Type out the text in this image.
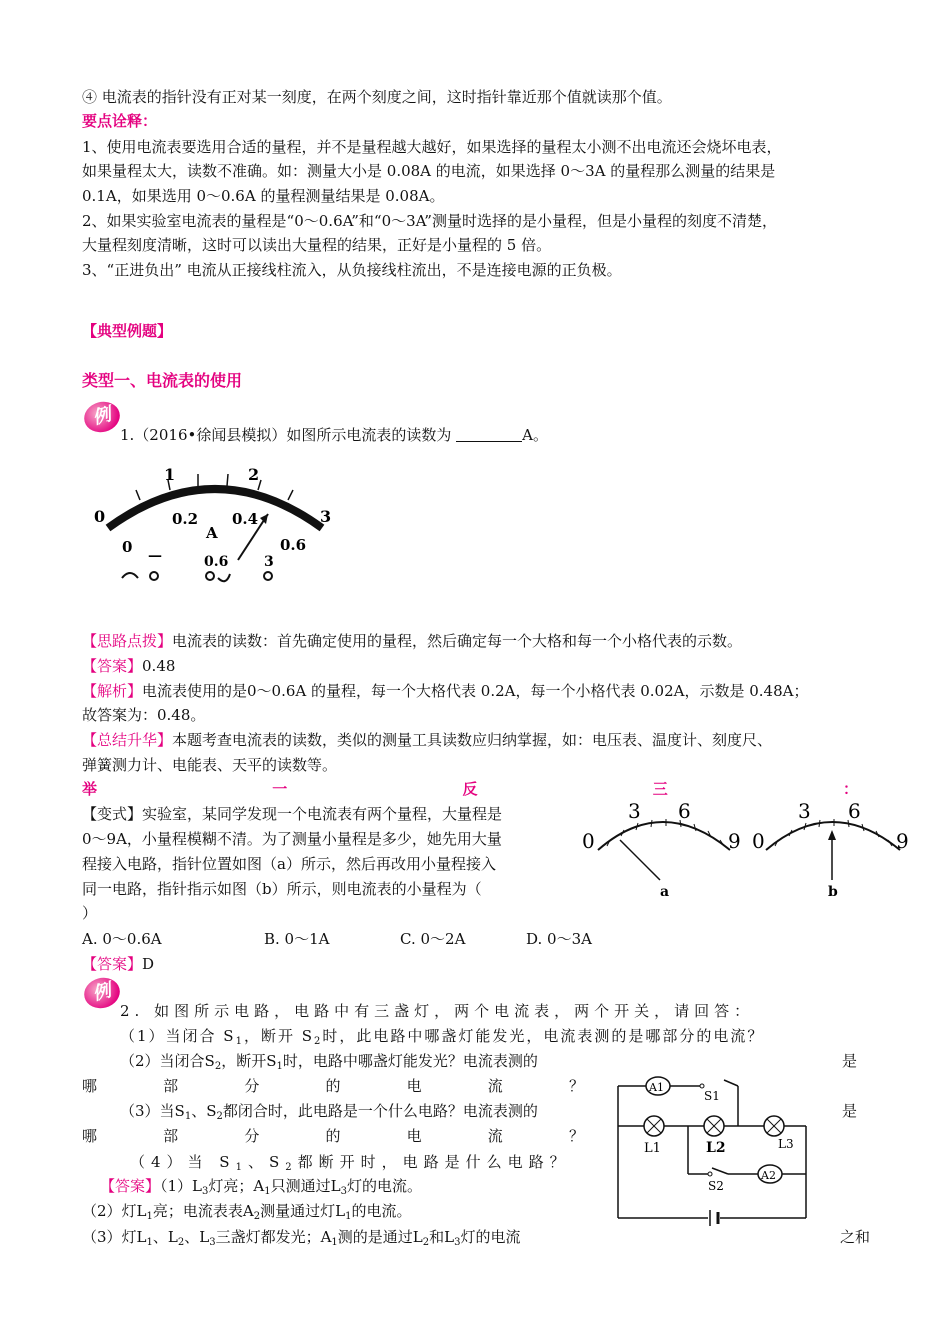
④ 电流表的指针没有正对某一刻度，在两个刻度之间，这时指针靠近那个值就读那个值。
要点诠释：
1、使用电流表要选用合适的量程，并不是量程越大越好，如果选择的量程太小测不出电流还会烧坏电表，
如果量程太大，读数不准确。如：测量大小是 0.08A 的电流，如果选择 0～3A 的量程那么测量的结果是
0.1A，如果选用 0～0.6A 的量程测量结果是 0.08A。
2、如果实验室电流表的量程是“0～0.6A”和“0～3A”测量时选择的是小量程，但是小量程的刻度不清楚，
大量程刻度清晰，这时可以读出大量程的结果，正好是小量程的 5 倍。
3、“正进负出” 电流从正接线柱流入，从负接线柱流出，不是连接电源的正负极。
【典型例题】
类型一、电流表的使用
例
1.（2016•徐闻县模拟）如图所示电流表的读数为	A。
0
1	2
3
0
0.2 0.4
0.6
A
—	0.6	3
【思路点拨】电流表的读数：首先确定使用的量程，然后确定每一个大格和每一个小格代表的示数。
【答案】0.48
【解析】电流表使用的是0～0.6A 的量程，每一个大格代表 0.2A，每一个小格代表 0.02A，示数是 0.48A；
故答案为：0.48。
【总结升华】本题考查电流表的读数，类似的测量工具读数应归纳掌握，如：电压表、温度计、刻度尺、
弹簧测力计、电能表、天平的读数等。
举	一	反	三	：
【变式】实验室，某同学发现一个电流表有两个量程，大量程是
0～9A，小量程模糊不清。为了测量小量程是多少，她先用大量
程接入电路，指针位置如图（a）所示，然后再改用小量程接入
同一电路，指针指示如图（b）所示，则电流表的小量程为（
）
A. 0～0.6A	B. 0～1A	C. 0～2A	D. 0～3A
【答案】D
0
3 6
9
a
0
3 6
9
b
例
2. 如图所示电路，电路中有三盏灯，两个电流表，两个开关，请回答：
（1）当闭合 $S_1$，断开 $S_2$时，此电路中哪盏灯能发光，电流表测的是哪部分的电流？
（2）当闭合$S_2$，断开$S_1$时，电路中哪盏灯能发光？电流表测的	是
哪	部	分	的	电	流	？
（3）当$S_1$、$S_2$都闭合时，此电路是一个什么电路？电流表测的	是
哪	部	分	的	电	流	？
（4）当 $S_1$、$S_2$都断开时，电路是什么电路？
【答案】$(1)L_3$灯亮；$A_1$只测通过$L_3$灯的电流。
（2）灯$L_1$亮；电流表表$A_2$测量通过灯$L_1$的电流。
（3）灯$L_1$、$L_2$、$L_3$三盏灯都发光；$A_1$测的是通过$L_2$和$L_3$灯的电流	之和
A1
S1
L1	L2	L3
S2
A2
